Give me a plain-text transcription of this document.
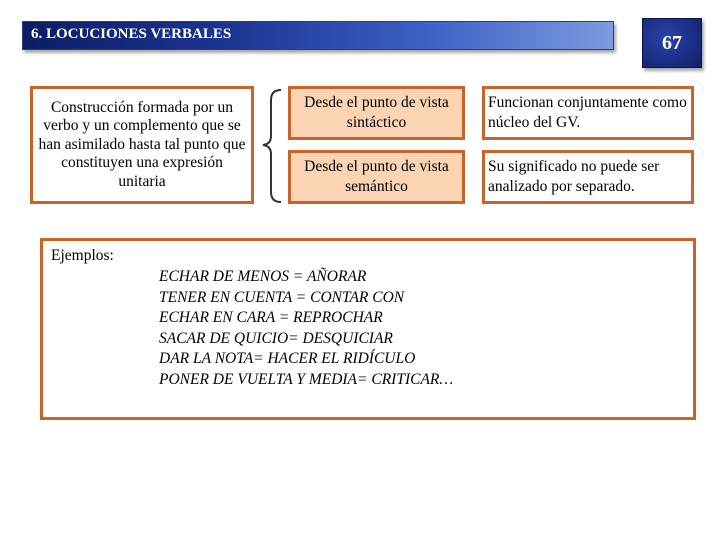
6. LOCUCIONES VERBALES	67
Construcción formada por un verbo y un complemento que se han asimilado hasta tal punto que constituyen una expresión unitaria
Desde el punto de vista sintáctico
Funcionan conjuntamente como núcleo del GV.
Desde el punto de vista semántico
Su significado no puede ser analizado por separado.
Ejemplos:
ECHAR DE MENOS = AÑORAR
TENER EN CUENTA = CONTAR CON
ECHAR EN CARA = REPROCHAR
SACAR DE QUICIO= DESQUICIAR
DAR LA NOTA= HACER EL RIDÍCULO
PONER DE VUELTA Y MEDIA= CRITICAR…
